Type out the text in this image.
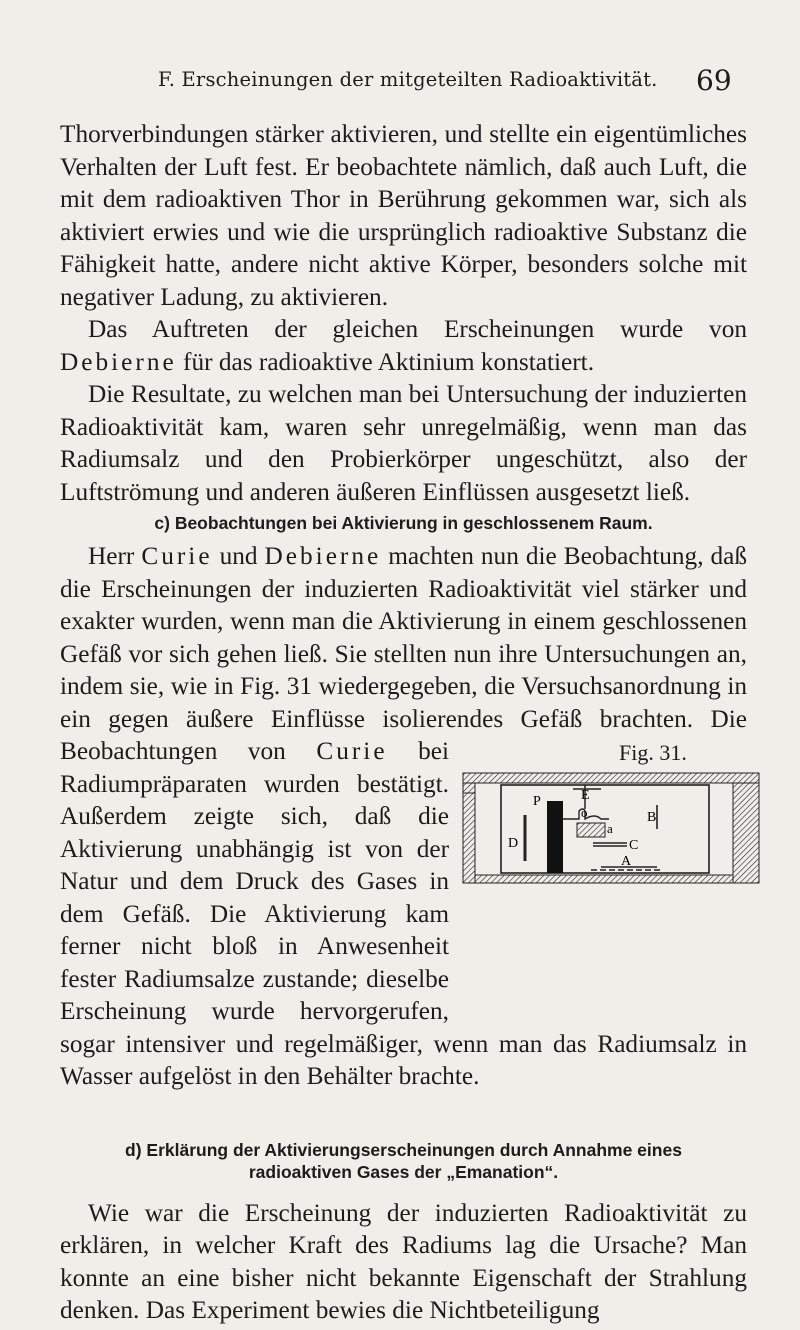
F. Erscheinungen der mitgeteilten Radioaktivität. 69

Thorverbindungen stärker aktivieren, und stellte ein eigentümliches Verhalten der Luft fest. Er beobachtete nämlich, daß auch Luft, die mit dem radioaktiven Thor in Berührung gekommen war, sich als aktiviert erwies und wie die ursprünglich radioaktive Substanz die Fähigkeit hatte, andere nicht aktive Körper, besonders solche mit negativer Ladung, zu aktivieren.

Das Auftreten der gleichen Erscheinungen wurde von Debierne für das radioaktive Aktinium konstatiert.

Die Resultate, zu welchen man bei Untersuchung der induzierten Radioaktivität kam, waren sehr unregelmäßig, wenn man das Radiumsalz und den Probierkörper ungeschützt, also der Luftströmung und anderen äußeren Einflüssen ausgesetzt ließ.

c) Beobachtungen bei Aktivierung in geschlossenem Raum.

Herr Curie und Debierne machten nun die Beobachtung, daß die Erscheinungen der induzierten Radioaktivität viel stärker und exakter wurden, wenn man die Aktivierung in einem geschlossenen Gefäß vor sich gehen ließ. Sie stellten nun ihre Untersuchungen an, indem sie, wie in Fig. 31 wiedergegeben, die Versuchsanordnung in ein gegen äußere Einflüsse isolierendes Gefäß brachten. Die Beobachtungen von	Fig. 31.
P	E
o	B
a
D	C
A
Curie bei Radiumpräparaten wurden bestätigt. Außerdem zeigte sich, daß die Aktivierung unabhängig ist von der Natur und dem Druck des Gases in dem Gefäß. Die Aktivierung kam ferner nicht bloß in Anwesenheit fester Radiumsalze zustande; dieselbe Erscheinung wurde hervorgerufen, sogar intensiver und regelmäßiger, wenn man das Radiumsalz in Wasser aufgelöst in den Behälter brachte.

d) Erklärung der Aktivierungserscheinungen durch Annahme eines radioaktiven Gases der „Emanation“.

Wie war die Erscheinung der induzierten Radioaktivität zu erklären, in welcher Kraft des Radiums lag die Ursache? Man konnte an eine bisher nicht bekannte Eigenschaft der Strahlung denken. Das Experiment bewies die Nichtbeteiligung
